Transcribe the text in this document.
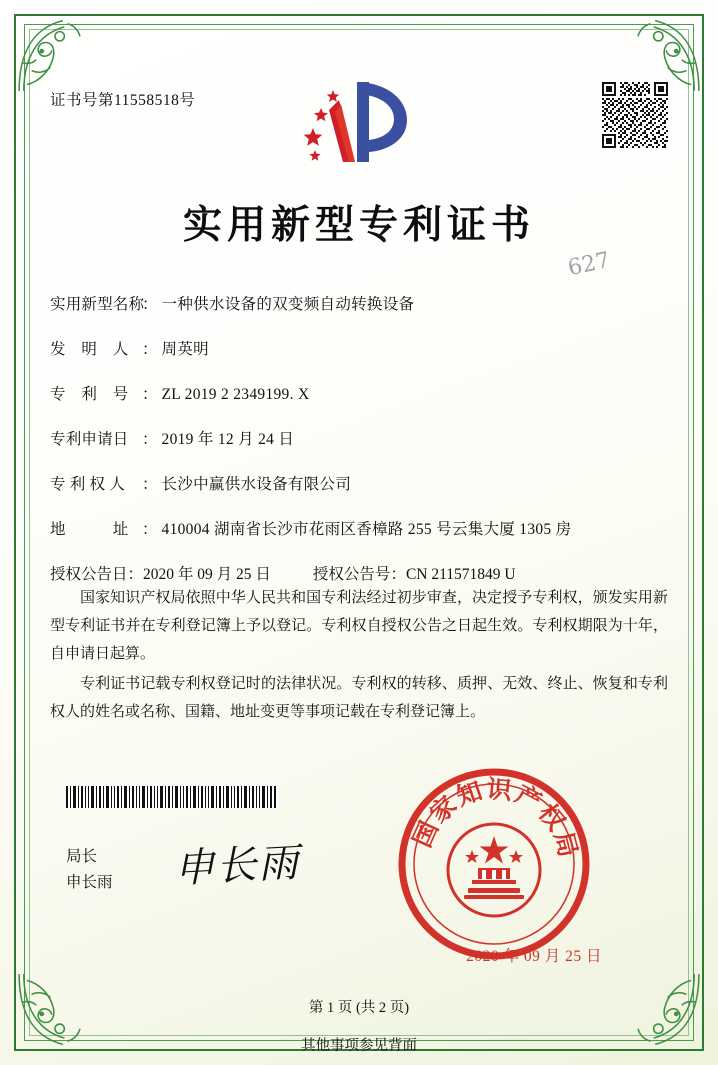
证书号第11558518号
实用新型专利证书
627
实用新型名称
： 一种供水设备的双变频自动转换设备
发　明　人 ： 周英明
专　利　号 ： ZL 2019 2 2349199. X
专利申请日 ： 2019 年 12 月 24 日
专 利 权 人	： 长沙中赢供水设备有限公司
地　　　址 ： 410004 湖南省长沙市花雨区香樟路 255 号云集大厦 1305 房
授权公告日 ： 2020 年 09 月 25 日	授权公告号 ： CN 211571849 U

国家知识产权局依照中华人民共和国专利法经过初步审查，决定授予专利权，颁发实用新型专利证书并在专利登记簿上予以登记。专利权自授权公告之日起生效。专利权期限为十年，自申请日起算。

专利证书记载专利权登记时的法律状况。专利权的转移、质押、无效、终止、恢复和专利权人的姓名或名称、国籍、地址变更等事项记载在专利登记簿上。

局长
申长雨 申长雨
国家知识产权局
2020 年 09 月 25 日
第 1 页 (共 2 页)
其他事项参见背面
